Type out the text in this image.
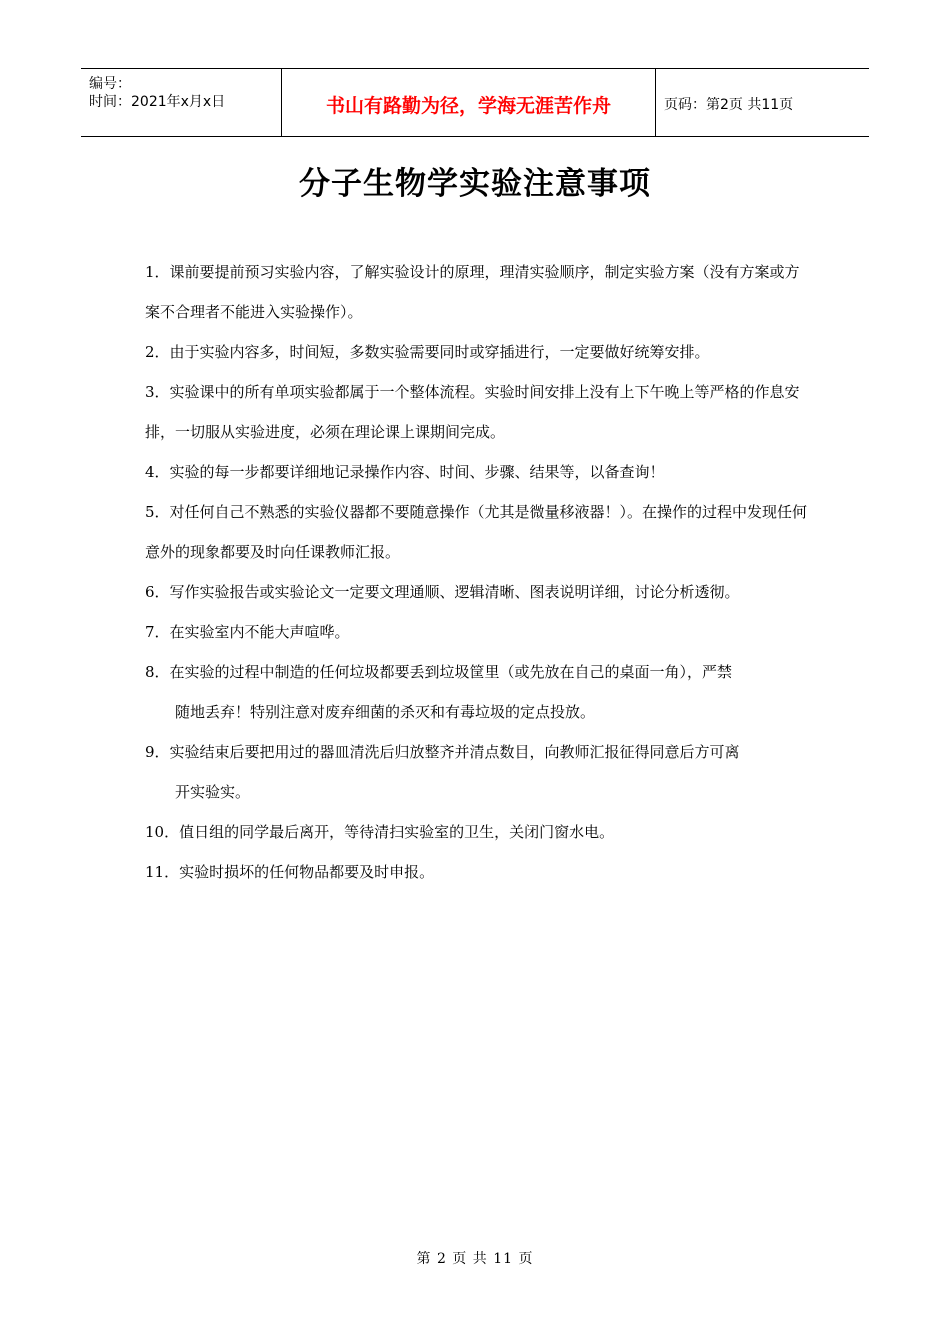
编号：
时间：2021年x月x日	书山有路勤为径，学海无涯苦作舟	页码：第2页 共11页
分子生物学实验注意事项
1．课前要提前预习实验内容，了解实验设计的原理，理清实验顺序，制定实验方案（没有方案或方案不合理者不能进入实验操作）。
2．由于实验内容多，时间短，多数实验需要同时或穿插进行，一定要做好统筹安排。
3．实验课中的所有单项实验都属于一个整体流程。实验时间安排上没有上下午晚上等严格的作息安排，一切服从实验进度，必须在理论课上课期间完成。
4．实验的每一步都要详细地记录操作内容、时间、步骤、结果等，以备查询！
5．对任何自己不熟悉的实验仪器都不要随意操作（尤其是微量移液器！）。在操作的过程中发现任何意外的现象都要及时向任课教师汇报。
6．写作实验报告或实验论文一定要文理通顺、逻辑清晰、图表说明详细，讨论分析透彻。
7．在实验室内不能大声喧哗。
8．在实验的过程中制造的任何垃圾都要丢到垃圾筐里（或先放在自己的桌面一角），严禁
随地丢弃！特别注意对废弃细菌的杀灭和有毒垃圾的定点投放。
9．实验结束后要把用过的器皿清洗后归放整齐并清点数目，向教师汇报征得同意后方可离
开实验实。
10．值日组的同学最后离开，等待清扫实验室的卫生，关闭门窗水电。
11．实验时损坏的任何物品都要及时申报。
第 2 页 共 11 页
